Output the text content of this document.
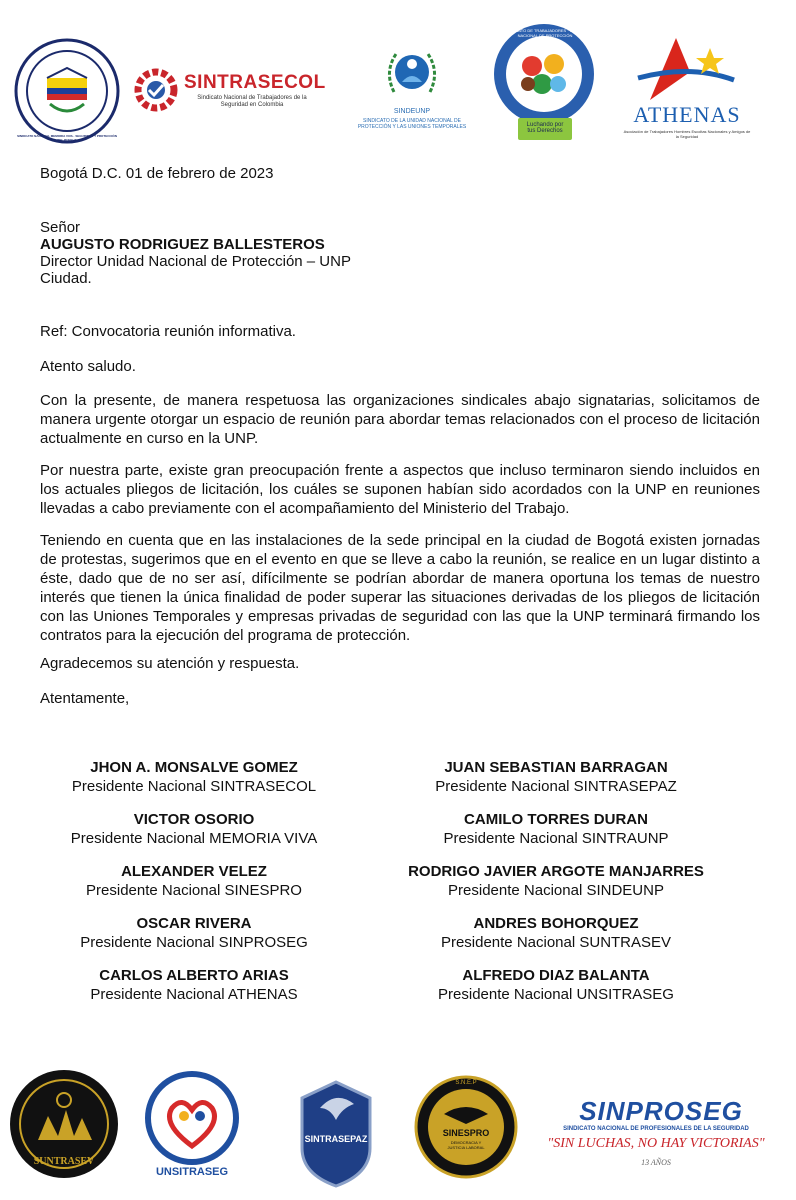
SINDICATO NACIONAL MEMORIA VIVA · SEGURIDAD Y PROTECCIÓN DEL PUEBLO
SINTRASECOL
Sindicato Nacional de Trabajadores de la Seguridad en Colombia
SINDEUNP
SINDICATO DE LA UNIDAD NACIONAL DE PROTECCIÓN Y LAS UNIONES TEMPORALES
SINDICATO DE TRABAJADORES · UNIDAD NACIONAL DE PROTECCIÓN
Luchando por
tus Derechos
ATHENAS
Asociación de Trabajadores Hombres Escoltas Nacionales y Amigos de la Seguridad
Bogotá D.C. 01 de febrero de 2023
Señor
AUGUSTO RODRIGUEZ BALLESTEROS
Director Unidad Nacional de Protección – UNP
Ciudad.
Ref: Convocatoria reunión informativa.
Atento saludo.

Con la presente, de manera respetuosa las organizaciones sindicales abajo signatarias, solicitamos de manera urgente otorgar un espacio de reunión para abordar temas relacionados con el proceso de licitación actualmente en curso en la UNP.

Por nuestra parte, existe gran preocupación frente a aspectos que incluso terminaron siendo incluidos en los actuales pliegos de licitación, los cuáles se suponen habían sido acordados con la UNP en reuniones llevadas a cabo previamente con el acompañamiento del Ministerio del Trabajo.

Teniendo en cuenta que en las instalaciones de la sede principal en la ciudad de Bogotá existen jornadas de protestas, sugerimos que en el evento en que se lleve a cabo la reunión, se realice en un lugar distinto a éste, dado que de no ser así, difícilmente se podrían abordar de manera oportuna los temas de nuestro interés que tienen la única finalidad de poder superar las situaciones derivadas de los pliegos de licitación con las Uniones Temporales y empresas privadas de seguridad con las que la UNP terminará firmando los contratos para la ejecución del programa de protección.

Agradecemos su atención y respuesta.
Atentamente,
JHON A. MONSALVE GOMEZ
Presidente Nacional SINTRASECOL
VICTOR OSORIO
Presidente Nacional MEMORIA VIVA
ALEXANDER VELEZ
Presidente Nacional SINESPRO
OSCAR RIVERA
Presidente Nacional SINPROSEG
CARLOS ALBERTO ARIAS
Presidente Nacional ATHENAS
JUAN SEBASTIAN BARRAGAN
Presidente Nacional SINTRASEPAZ
CAMILO TORRES DURAN
Presidente Nacional SINTRAUNP
RODRIGO JAVIER ARGOTE MANJARRES
Presidente Nacional SINDEUNP
ANDRES BOHORQUEZ
Presidente Nacional SUNTRASEV
ALFREDO DIAZ BALANTA
Presidente Nacional UNSITRASEG
SUNTRASEV
UNSITRASEG
SINTRASEPAZ
S.N.E.P
SINESPRO
DEMOCRACIA Y JUSTICIA LABORAL
SINPROSEG
SINDICATO NACIONAL DE PROFESIONALES DE LA SEGURIDAD
"SIN LUCHAS, NO HAY VICTORIAS"
13 AÑOS
